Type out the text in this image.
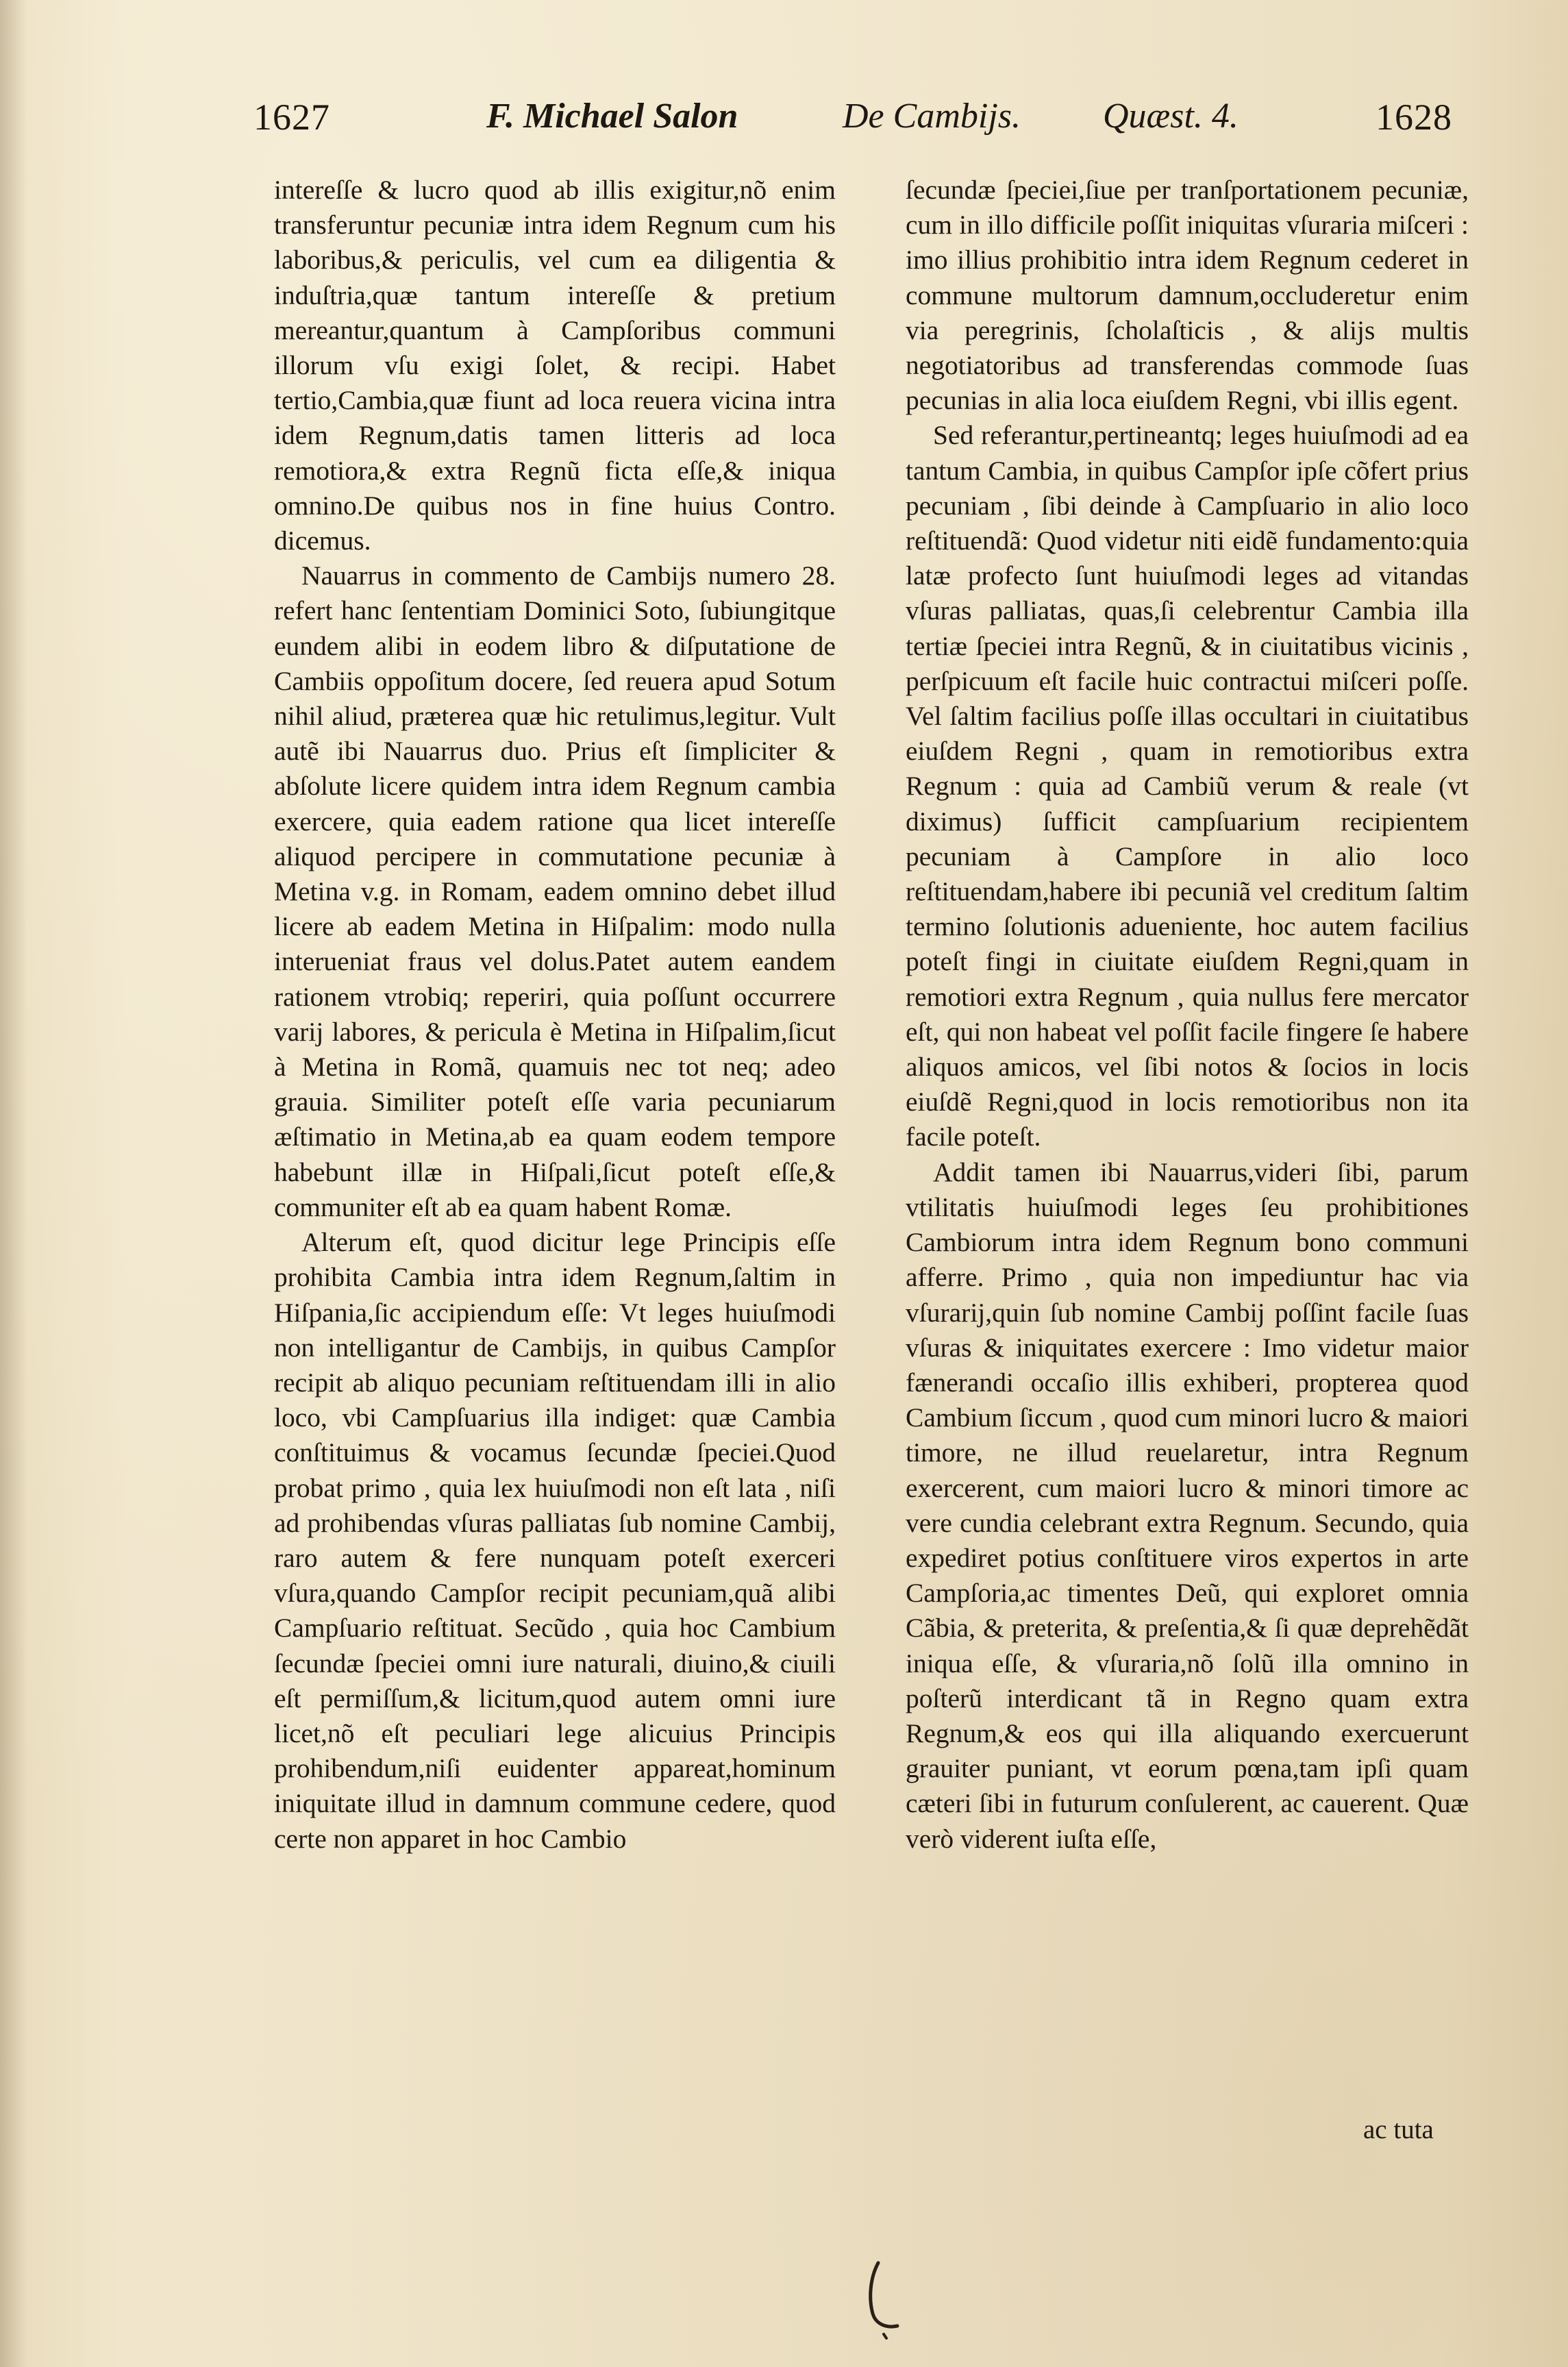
1627	F. Michael Salon	De Cambijs. Quæst. 4.	1628

intereſſe & lucro quod ab illis exigitur,nõ enim transferuntur pecuniæ intra idem Regnum cum his laboribus,& periculis, vel cum ea diligentia & induſtria,quæ tantum intereſſe & pretium mereantur,quantum à Campſoribus communi illorum vſu exigi ſolet, & recipi. Habet tertio,Cambia,quæ fiunt ad loca reuera vicina intra idem Regnum,datis tamen litteris ad loca remotiora,& extra Regnũ ficta eſſe,& iniqua omnino.De quibus nos in fine huius Contro. dicemus.

Nauarrus in commento de Cambijs numero 28. refert hanc ſententiam Dominici Soto, ſubiungitque eundem alibi in eodem libro & diſputatione de Cambiis oppoſitum docere, ſed reuera apud Sotum nihil aliud, præterea quæ hic retulimus,legitur. Vult autẽ ibi Nauarrus duo. Prius eſt ſimpliciter & abſolute licere quidem intra idem Regnum cambia exercere, quia eadem ratione qua licet intereſſe aliquod percipere in commutatione pecuniæ à Metina v.g. in Romam, eadem omnino debet illud licere ab eadem Metina in Hiſpalim: modo nulla interueniat fraus vel dolus.Patet autem eandem rationem vtrobiq; reperiri, quia poſſunt occurrere varij labores, & pericula è Metina in Hiſpalim,ſicut à Metina in Romã, quamuis nec tot neq; adeo grauia. Similiter poteſt eſſe varia pecuniarum æſtimatio in Metina,ab ea quam eodem tempore habebunt illæ in Hiſpali,ſicut poteſt eſſe,& communiter eſt ab ea quam habent Romæ.

Alterum eſt, quod dicitur lege Principis eſſe prohibita Cambia intra idem Regnum,ſaltim in Hiſpania,ſic accipiendum eſſe: Vt leges huiuſmodi non intelligantur de Cambijs, in quibus Campſor recipit ab aliquo pecuniam reſtituendam illi in alio loco, vbi Campſuarius illa indiget: quæ Cambia conſtituimus & vocamus ſecundæ ſpeciei.Quod probat primo , quia lex huiuſmodi non eſt lata , niſi ad prohibendas vſuras palliatas ſub nomine Cambij, raro autem & fere nunquam poteſt exerceri vſura,quando Campſor recipit pecuniam,quã alibi Campſuario reſtituat. Secũdo , quia hoc Cambium ſecundæ ſpeciei omni iure naturali, diuino,& ciuili eſt permiſſum,& licitum,quod autem omni iure licet,nõ eſt peculiari lege alicuius Principis prohibendum,niſi euidenter appareat,hominum iniquitate illud in damnum commune cedere, quod certe non apparet in hoc Cambio

ſecundæ ſpeciei,ſiue per tranſportationem pecuniæ, cum in illo difficile poſſit iniquitas vſuraria miſceri : imo illius prohibitio intra idem Regnum cederet in commune multorum damnum,occluderetur enim via peregrinis, ſcholaſticis , & alijs multis negotiatoribus ad transferendas commode ſuas pecunias in alia loca eiuſdem Regni, vbi illis egent.

Sed referantur,pertineantq; leges huiuſmodi ad ea tantum Cambia, in quibus Campſor ipſe cõfert prius pecuniam , ſibi deinde à Campſuario in alio loco reſtituendã: Quod videtur niti eidẽ fundamento:quia latæ profecto ſunt huiuſmodi leges ad vitandas vſuras palliatas, quas,ſi celebrentur Cambia illa tertiæ ſpeciei intra Regnũ, & in ciuitatibus vicinis , perſpicuum eſt facile huic contractui miſceri poſſe. Vel ſaltim facilius poſſe illas occultari in ciuitatibus eiuſdem Regni , quam in remotioribus extra Regnum : quia ad Cambiũ verum & reale (vt diximus) ſufficit campſuarium recipientem pecuniam à Campſore in alio loco reſtituendam,habere ibi pecuniã vel creditum ſaltim termino ſolutionis adueniente, hoc autem facilius poteſt fingi in ciuitate eiuſdem Regni,quam in remotiori extra Regnum , quia nullus fere mercator eſt, qui non habeat vel poſſit facile fingere ſe habere aliquos amicos, vel ſibi notos & ſocios in locis eiuſdẽ Regni,quod in locis remotioribus non ita facile poteſt.

Addit tamen ibi Nauarrus,videri ſibi, parum vtilitatis huiuſmodi leges ſeu prohibitiones Cambiorum intra idem Regnum bono communi afferre. Primo , quia non impediuntur hac via vſurarij,quin ſub nomine Cambij poſſint facile ſuas vſuras & iniquitates exercere : Imo videtur maior fænerandi occaſio illis exhiberi, propterea quod Cambium ſiccum , quod cum minori lucro & maiori timore, ne illud reuelaretur, intra Regnum exercerent, cum maiori lucro & minori timore ac vere cundia celebrant extra Regnum. Secundo, quia expediret potius conſtituere viros expertos in arte Campſoria,ac timentes Deũ, qui exploret omnia Cãbia, & preterita, & preſentia,& ſi quæ deprehẽdãt iniqua eſſe, & vſuraria,nõ ſolũ illa omnino in poſterũ interdicant tã in Regno quam extra Regnum,& eos qui illa aliquando exercuerunt grauiter puniant, vt eorum pœna,tam ipſi quam cæteri ſibi in futurum conſulerent, ac cauerent. Quæ verò viderent iuſta eſſe,

ac tuta
